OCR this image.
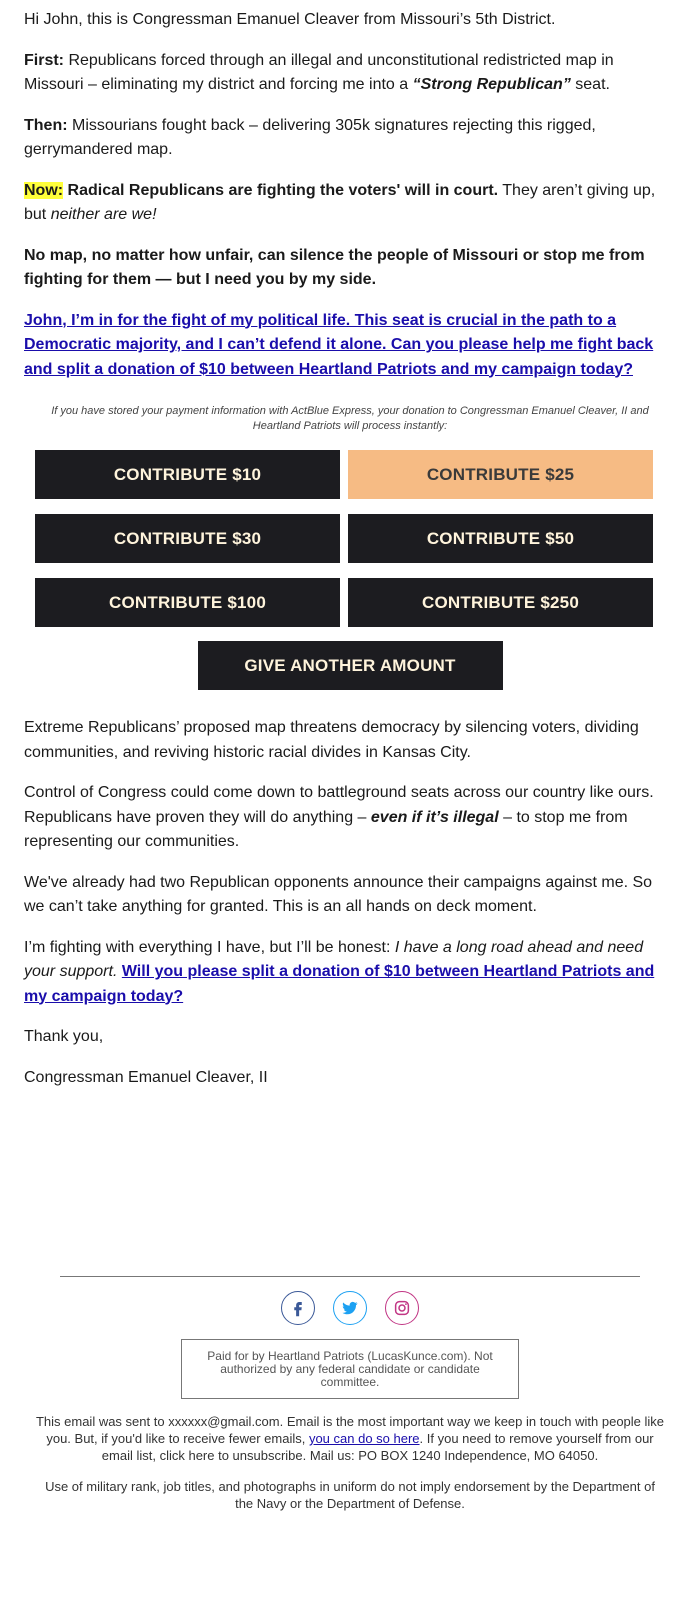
Hi John, this is Congressman Emanuel Cleaver from Missouri’s 5th District.

First: Republicans forced through an illegal and unconstitutional redistricted map in Missouri – eliminating my district and forcing me into a “Strong Republican” seat.

Then: Missourians fought back – delivering 305k signatures rejecting this rigged, gerrymandered map.

Now: Radical Republicans are fighting the voters' will in court. They aren’t giving up, but neither are we!

No map, no matter how unfair, can silence the people of Missouri or stop me from fighting for them — but I need you by my side.

John, I’m in for the fight of my political life. This seat is crucial in the path to a Democratic majority, and I can’t defend it alone. Can you please help me fight back and split a donation of $10 between Heartland Patriots and my campaign today?

If you have stored your payment information with ActBlue Express, your donation to Congressman Emanuel Cleaver, II and Heartland Patriots will process instantly:
CONTRIBUTE $10	CONTRIBUTE $25
CONTRIBUTE $30	CONTRIBUTE $50
CONTRIBUTE $100	CONTRIBUTE $250
GIVE ANOTHER AMOUNT

Extreme Republicans’ proposed map threatens democracy by silencing voters, dividing communities, and reviving historic racial divides in Kansas City.

Control of Congress could come down to battleground seats across our country like ours. Republicans have proven they will do anything – even if it’s illegal – to stop me from representing our communities.

We've already had two Republican opponents announce their campaigns against me. So we can’t take anything for granted. This is an all hands on deck moment.

I’m fighting with everything I have, but I’ll be honest: I have a long road ahead and need your support. Will you please split a donation of $10 between Heartland Patriots and my campaign today?

Thank you,

Congressman Emanuel Cleaver, II

Paid for by Heartland Patriots (LucasKunce.com). Not authorized by any federal candidate or candidate committee.
This email was sent to xxxxxx@gmail.com. Email is the most important way we keep in touch with people like you. But, if you'd like to receive fewer emails, you can do so here. If you need to remove yourself from our email list, click here to unsubscribe. Mail us: PO BOX 1240 Independence, MO 64050.
Use of military rank, job titles, and photographs in uniform do not imply endorsement by the Department of the Navy or the Department of Defense.
